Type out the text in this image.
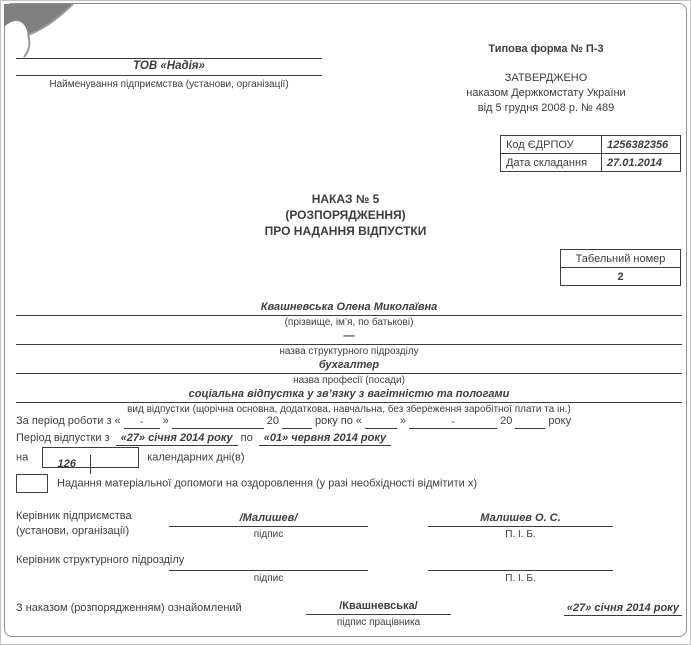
ТОВ «Надія»
Найменування підприємства (установи, організації)
Типова форма № П-3
ЗАТВЕРДЖЕНО
наказом Держкомстату України
від 5 грудня 2008 р. № 489
Код ЄДРПОУ	1256382356
Дата складання	27.01.2014
НАКАЗ № 5
(РОЗПОРЯДЖЕННЯ)
ПРО НАДАННЯ ВІДПУСТКИ
Табельний номер
2
Квашневська Олена Миколаївна
(прізвище, ім’я, по батькові)
—
назва структурного підрозділу
бухгалтер
назва професії (посади)
соціальна відпустка у зв’язку з вагітністю та пологами
вид відпустки (щорічна основна, додаткова, навчальна, без збереження заробітної плати та ін.)
За період роботи з « - »	20	року по «	»	-	20	року
Період відпустки з «27» січня 2014 року по «01» червня 2014 року
на126календарних дні(в)
Надання матеріальної допомоги на оздоровлення (у разі необхідності відмітити х)
Керівник підприємства
(установи, організації)
/Малишев/
підпис
Малишев О. С.
П. І. Б.
Керівник структурного підрозділу
підпис	П. І. Б.
З наказом (розпорядженням) ознайомлений	/Квашневська/
підпис працівника
«27» січня 2014 року
